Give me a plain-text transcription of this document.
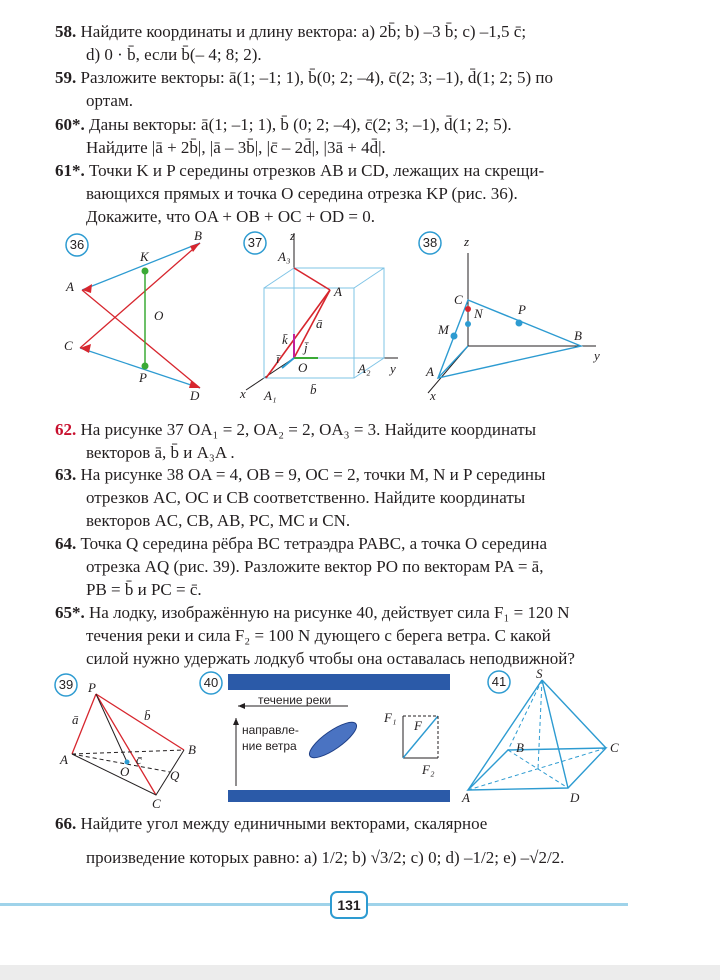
58. Найдите координаты и длину вектора: a) 2b̄; b) –3 b̄; c) –1,5 c̄;
d) 0 · b̄, если b̄(– 4; 8; 2).
59. Разложите векторы: ā(1; –1; 1), b̄(0; 2; –4), c̄(2; 3; –1), d̄(1; 2; 5) по
ортам.
60*. Даны векторы: ā(1; –1; 1), b̄ (0; 2; –4), c̄(2; 3; –1), d̄(1; 2; 5).
Найдите |ā + 2b̄|, |ā – 3b̄|, |c̄ – 2d̄|, |3ā + 4d̄|.
61*. Точки K и P середины отрезков AB и CD, лежащих на скрещи-
вающихся прямых и точка O середина отрезка KP (рис. 36).
Докажите, что OA + OB + OC + OD = 0.
36
A
B
C
D
K
P
O
37 z
A₃
A
x A₁
A₂ y
O
k̄
ī
j̄
ā
b̄
38 z
C
P
M
N
B
y
A
x
62. На рисунке 37 OA₁ = 2, OA₂ = 2, OA₃ = 3. Найдите координаты
векторов ā, b̄ и A₃A .
63. На рисунке 38 OA = 4, OB = 9, OC = 2, точки M, N и P середины
отрезков AC, OC и CB соответственно. Найдите координаты
векторов AC, CB, AB, PC, MC и CN.
64. Точка Q середина рёбра BC тетраэдра PABC, а точка O середина
отрезка AQ (рис. 39). Разложите вектор PO по векторам PA = ā,
PB = b̄ и PC = c̄.
65*. На лодку, изображённую на рисунке 40, действует сила F₁ = 120 N
течения реки и сила F₂ = 100 N дующего с берега ветра. С какой
силой нужно удержать лодкуб чтобы она оставалась неподвижной?
39 P
ā	b̄
A
B
c̄
O	Q
C
40
течение реки
направле-
ние ветра
F₁
F
F₂
41
S
B	C
A	D
66. Найдите угол между единичными векторами, скалярное
произведение которых равно: a) 1/2; b) √3/2; c) 0; d) –1/2; e) –√2/2.
131
